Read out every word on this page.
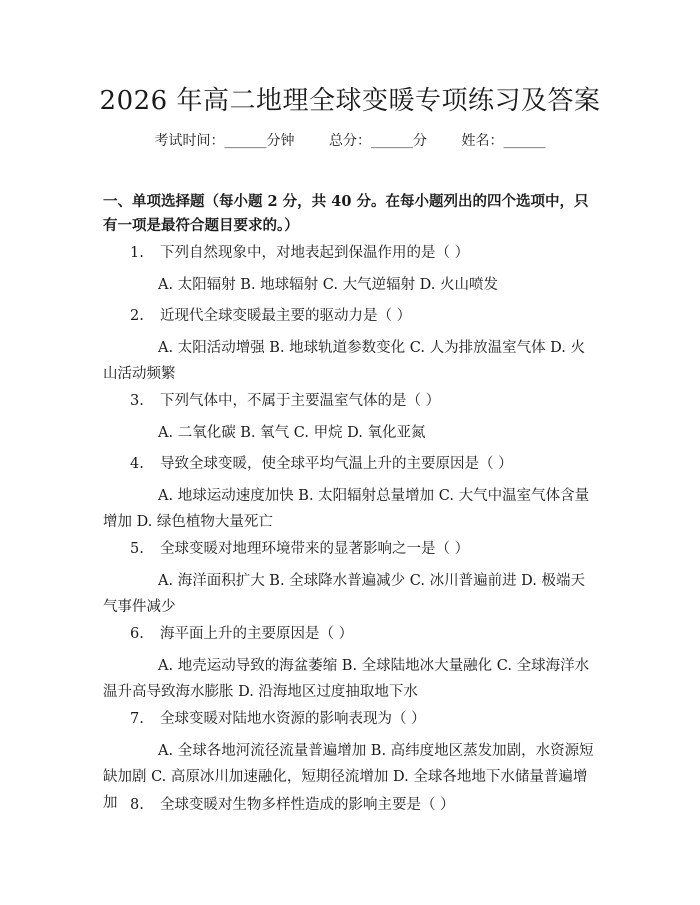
2026 年高二地理全球变暖专项练习及答案
考试时间：______分钟 总分：______分 姓名：______
一、单项选择题（每小题 2 分，共 40 分。在每小题列出的四个选项中，只有一项是最符合题目要求的。）
1. 下列自然现象中，对地表起到保温作用的是（ ）
A. 太阳辐射 B. 地球辐射 C. 大气逆辐射 D. 火山喷发
2. 近现代全球变暖最主要的驱动力是（ ）
A. 太阳活动增强 B. 地球轨道参数变化 C. 人为排放温室气体 D. 火山活动频繁
3. 下列气体中，不属于主要温室气体的是（ ）
A. 二氧化碳 B. 氧气 C. 甲烷 D. 氧化亚氮
4. 导致全球变暖，使全球平均气温上升的主要原因是（ ）
A. 地球运动速度加快 B. 太阳辐射总量增加 C. 大气中温室气体含量增加 D. 绿色植物大量死亡
5. 全球变暖对地理环境带来的显著影响之一是（ ）
A. 海洋面积扩大 B. 全球降水普遍减少 C. 冰川普遍前进 D. 极端天气事件减少
6. 海平面上升的主要原因是（ ）
A. 地壳运动导致的海盆萎缩 B. 全球陆地冰大量融化 C. 全球海洋水温升高导致海水膨胀 D. 沿海地区过度抽取地下水
7. 全球变暖对陆地水资源的影响表现为（ ）
A. 全球各地河流径流量普遍增加 B. 高纬度地区蒸发加剧，水资源短缺加剧 C. 高原冰川加速融化，短期径流增加 D. 全球各地地下水储量普遍增加 8. 全球变暖对生物多样性造成的影响主要是（ ）
